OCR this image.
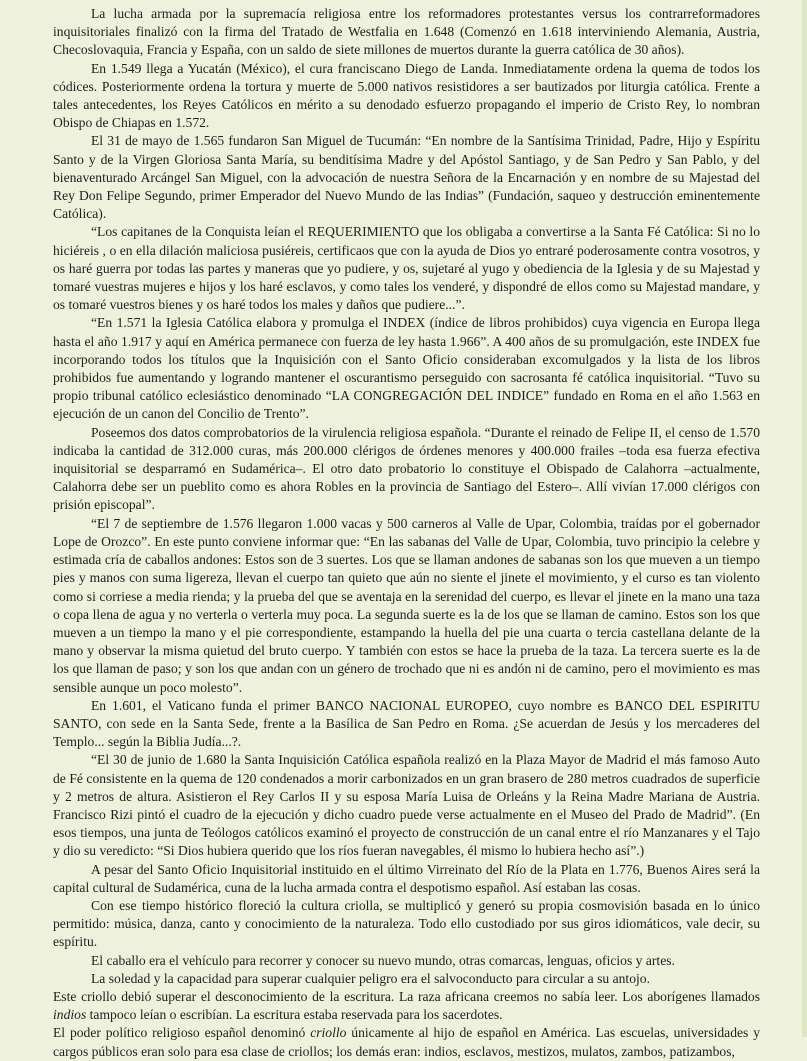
La lucha armada por la supremacía religiosa entre los reformadores protestantes versus los contrarreformadores inquisitoriales finalizó con la firma del Tratado de Westfalia en 1.648 (Comenzó en 1.618 interviniendo Alemania, Austria, Checoslovaquia, Francia y España, con un saldo de siete millones de muertos durante la guerra católica de 30 años).

En 1.549 llega a Yucatán (México), el cura franciscano Diego de Landa. Inmediatamente ordena la quema de todos los códices. Posteriormente ordena la tortura y muerte de 5.000 nativos resistidores a ser bautizados por liturgia católica. Frente a tales antecedentes, los Reyes Católicos en mérito a su denodado esfuerzo propagando el imperio de Cristo Rey, lo nombran Obispo de Chiapas en 1.572.

El 31 de mayo de 1.565 fundaron San Miguel de Tucumán: “En nombre de la Santísima Trinidad, Padre, Hijo y Espíritu Santo y de la Virgen Gloriosa Santa María, su benditísima Madre y del Apóstol Santiago, y de San Pedro y San Pablo, y del bienaventurado Arcángel San Miguel, con la advocación de nuestra Señora de la Encarnación y en nombre de su Majestad del Rey Don Felipe Segundo, primer Emperador del Nuevo Mundo de las Indias” (Fundación, saqueo y destrucción eminentemente Católica).

“Los capitanes de la Conquista leían el REQUERIMIENTO que los obligaba a convertirse a la Santa Fé Católica: Si no lo hiciéreis , o en ella dilación maliciosa pusiéreis, certificaos que con la ayuda de Dios yo entraré poderosamente contra vosotros, y os haré guerra por todas las partes y maneras que yo pudiere, y os, sujetaré al yugo y obediencia de la Iglesia y de su Majestad y tomaré vuestras mujeres e hijos y los haré esclavos, y como tales los venderé, y dispondré de ellos como su Majestad mandare, y os tomaré vuestros bienes y os haré todos los males y daños que pudiere...”.

“En 1.571 la Iglesia Católica elabora y promulga el INDEX (índice de libros prohibidos) cuya vigencia en Europa llega hasta el año 1.917 y aquí en América permanece con fuerza de ley hasta 1.966”. A 400 años de su promulgación, este INDEX fue incorporando todos los títulos que la Inquisición con el Santo Oficio consideraban excomulgados y la lista de los libros prohibidos fue aumentando y logrando mantener el oscurantismo perseguido con sacrosanta fé católica inquisitorial. “Tuvo su propio tribunal católico eclesiástico denominado “LA CONGREGACIÓN DEL INDICE” fundado en Roma en el año 1.563 en ejecución de un canon del Concilio de Trento”.

Poseemos dos datos comprobatorios de la virulencia religiosa española. “Durante el reinado de Felipe II, el censo de 1.570 indicaba la cantidad de 312.000 curas, más 200.000 clérigos de órdenes menores y 400.000 frailes –toda esa fuerza efectiva inquisitorial se desparramó en Sudamérica–. El otro dato probatorio lo constituye el Obispado de Calahorra –actualmente, Calahorra debe ser un pueblito como es ahora Robles en la provincia de Santiago del Estero–. Allí vivían 17.000 clérigos con prisión episcopal”.

“El 7 de septiembre de 1.576 llegaron 1.000 vacas y 500 carneros al Valle de Upar, Colombia, traídas por el gobernador Lope de Orozco”. En este punto conviene informar que: “En las sabanas del Valle de Upar, Colombia, tuvo principio la celebre y estimada cría de caballos andones: Estos son de 3 suertes. Los que se llaman andones de sabanas son los que mueven a un tiempo pies y manos con suma ligereza, llevan el cuerpo tan quieto que aún no siente el jinete el movimiento, y el curso es tan violento como si corriese a media rienda; y la prueba del que se aventaja en la serenidad del cuerpo, es llevar el jinete en la mano una taza o copa llena de agua y no verterla o verterla muy poca. La segunda suerte es la de los que se llaman de camino. Estos son los que mueven a un tiempo la mano y el pie correspondiente, estampando la huella del pie una cuarta o tercia castellana delante de la mano y observar la misma quietud del bruto cuerpo. Y también con estos se hace la prueba de la taza. La tercera suerte es la de los que llaman de paso; y son los que andan con un género de trochado que ni es andón ni de camino, pero el movimiento es mas sensible aunque un poco molesto”.

En 1.601, el Vaticano funda el primer BANCO NACIONAL EUROPEO, cuyo nombre es BANCO DEL ESPIRITU SANTO, con sede en la Santa Sede, frente a la Basílica de San Pedro en Roma. ¿Se acuerdan de Jesús y los mercaderes del Templo... según la Biblia Judía...?.

“El 30 de junio de 1.680 la Santa Inquisición Católica española realizó en la Plaza Mayor de Madrid el más famoso Auto de Fé consistente en la quema de 120 condenados a morir carbonizados en un gran brasero de 280 metros cuadrados de superficie y 2 metros de altura. Asistieron el Rey Carlos II y su esposa María Luisa de Orleáns y la Reina Madre Mariana de Austria. Francisco Rizi pintó el cuadro de la ejecución y dicho cuadro puede verse actualmente en el Museo del Prado de Madrid”. (En esos tiempos, una junta de Teólogos católicos examinó el proyecto de construcción de un canal entre el río Manzanares y el Tajo y dio su veredicto: “Si Dios hubiera querido que los ríos fueran navegables, él mismo lo hubiera hecho así”.)

A pesar del Santo Oficio Inquisitorial instituido en el último Virreinato del Río de la Plata en 1.776, Buenos Aires será la capital cultural de Sudamérica, cuna de la lucha armada contra el despotismo español. Así estaban las cosas.

Con ese tiempo histórico floreció la cultura criolla, se multiplicó y generó su propia cosmovisión basada en lo único permitido: música, danza, canto y conocimiento de la naturaleza. Todo ello custodiado por sus giros idiomáticos, vale decir, su espíritu.

El caballo era el vehículo para recorrer y conocer su nuevo mundo, otras comarcas, lenguas, oficios y artes.

La soledad y la capacidad para superar cualquier peligro era el salvoconducto para circular a su antojo.

Este criollo debió superar el desconocimiento de la escritura. La raza africana creemos no sabía leer. Los aborígenes llamados indios tampoco leían o escribían. La escritura estaba reservada para los sacerdotes.

El poder político religioso español denominó criollo únicamente al hijo de español en América. Las escuelas, universidades y cargos públicos eran solo para esa clase de criollos; los demás eran: indios, esclavos, mestizos, mulatos, zambos, patizambos,
